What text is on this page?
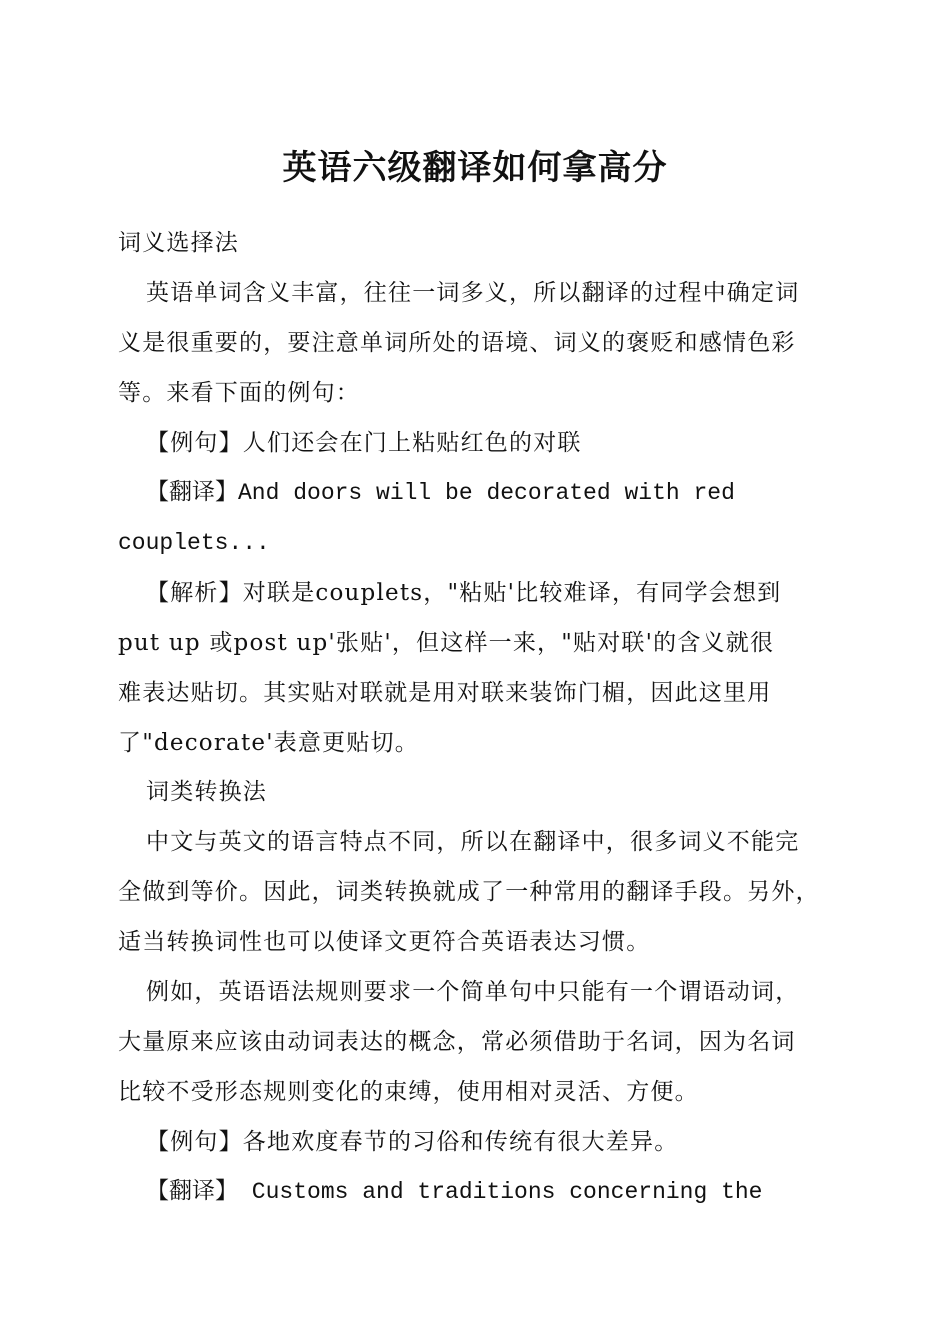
英语六级翻译如何拿高分
词义选择法
英语单词含义丰富，往往一词多义，所以翻译的过程中确定词
义是很重要的，要注意单词所处的语境、词义的褒贬和感情色彩
等。来看下面的例句：
【例句】人们还会在门上粘贴红色的对联
【翻译】And doors will be decorated with red
couplets...
【解析】对联是couplets，"粘贴'比较难译，有同学会想到
put up 或post up'张贴'，但这样一来，"贴对联'的含义就很
难表达贴切。其实贴对联就是用对联来装饰门楣，因此这里用
了"decorate'表意更贴切。
词类转换法
中文与英文的语言特点不同，所以在翻译中，很多词义不能完
全做到等价。因此，词类转换就成了一种常用的翻译手段。另外，
适当转换词性也可以使译文更符合英语表达习惯。
例如，英语语法规则要求一个简单句中只能有一个谓语动词，
大量原来应该由动词表达的概念，常必须借助于名词，因为名词
比较不受形态规则变化的束缚，使用相对灵活、方便。
【例句】各地欢度春节的习俗和传统有很大差异。
【翻译】 Customs and traditions concerning the
